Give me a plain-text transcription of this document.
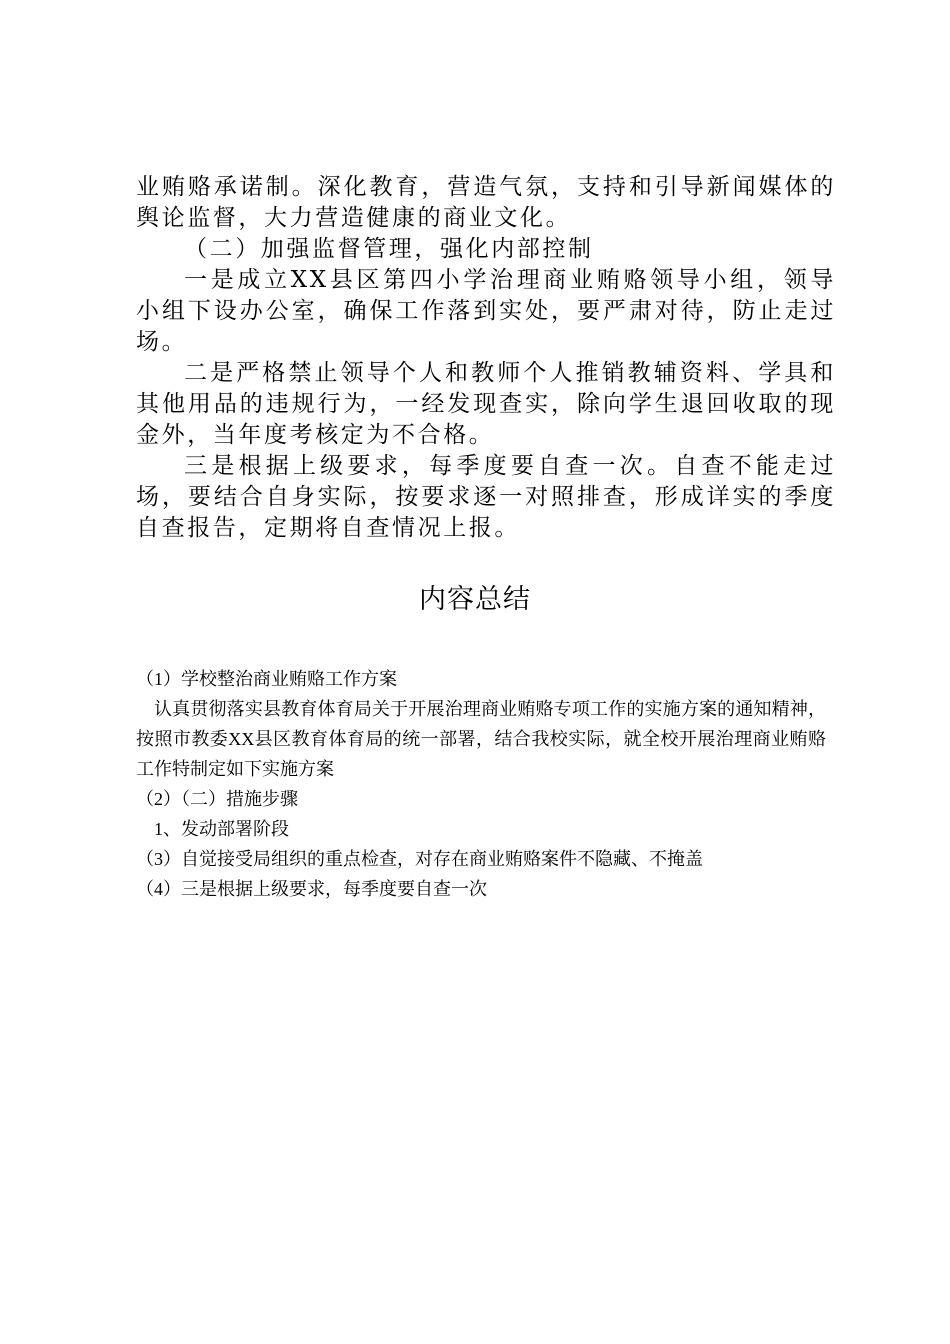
业贿赂承诺制。深化教育，营造气氛，支持和引导新闻媒体的舆论监督，大力营造健康的商业文化。

（二）加强监督管理，强化内部控制

一是成立XX县区第四小学治理商业贿赂领导小组，领导小组下设办公室，确保工作落到实处，要严肃对待，防止走过场。

二是严格禁止领导个人和教师个人推销教辅资料、学具和其他用品的违规行为，一经发现查实，除向学生退回收取的现金外，当年度考核定为不合格。

三是根据上级要求，每季度要自查一次。自查不能走过场，要结合自身实际，按要求逐一对照排查，形成详实的季度自查报告，定期将自查情况上报。

内容总结

（1）学校整治商业贿赂工作方案

认真贯彻落实县教育体育局关于开展治理商业贿赂专项工作的实施方案的通知精神，按照市教委XX县区教育体育局的统一部署，结合我校实际，就全校开展治理商业贿赂工作特制定如下实施方案

（2）（二）措施步骤

1、发动部署阶段

（3）自觉接受局组织的重点检查，对存在商业贿赂案件不隐藏、不掩盖

（4）三是根据上级要求，每季度要自查一次
